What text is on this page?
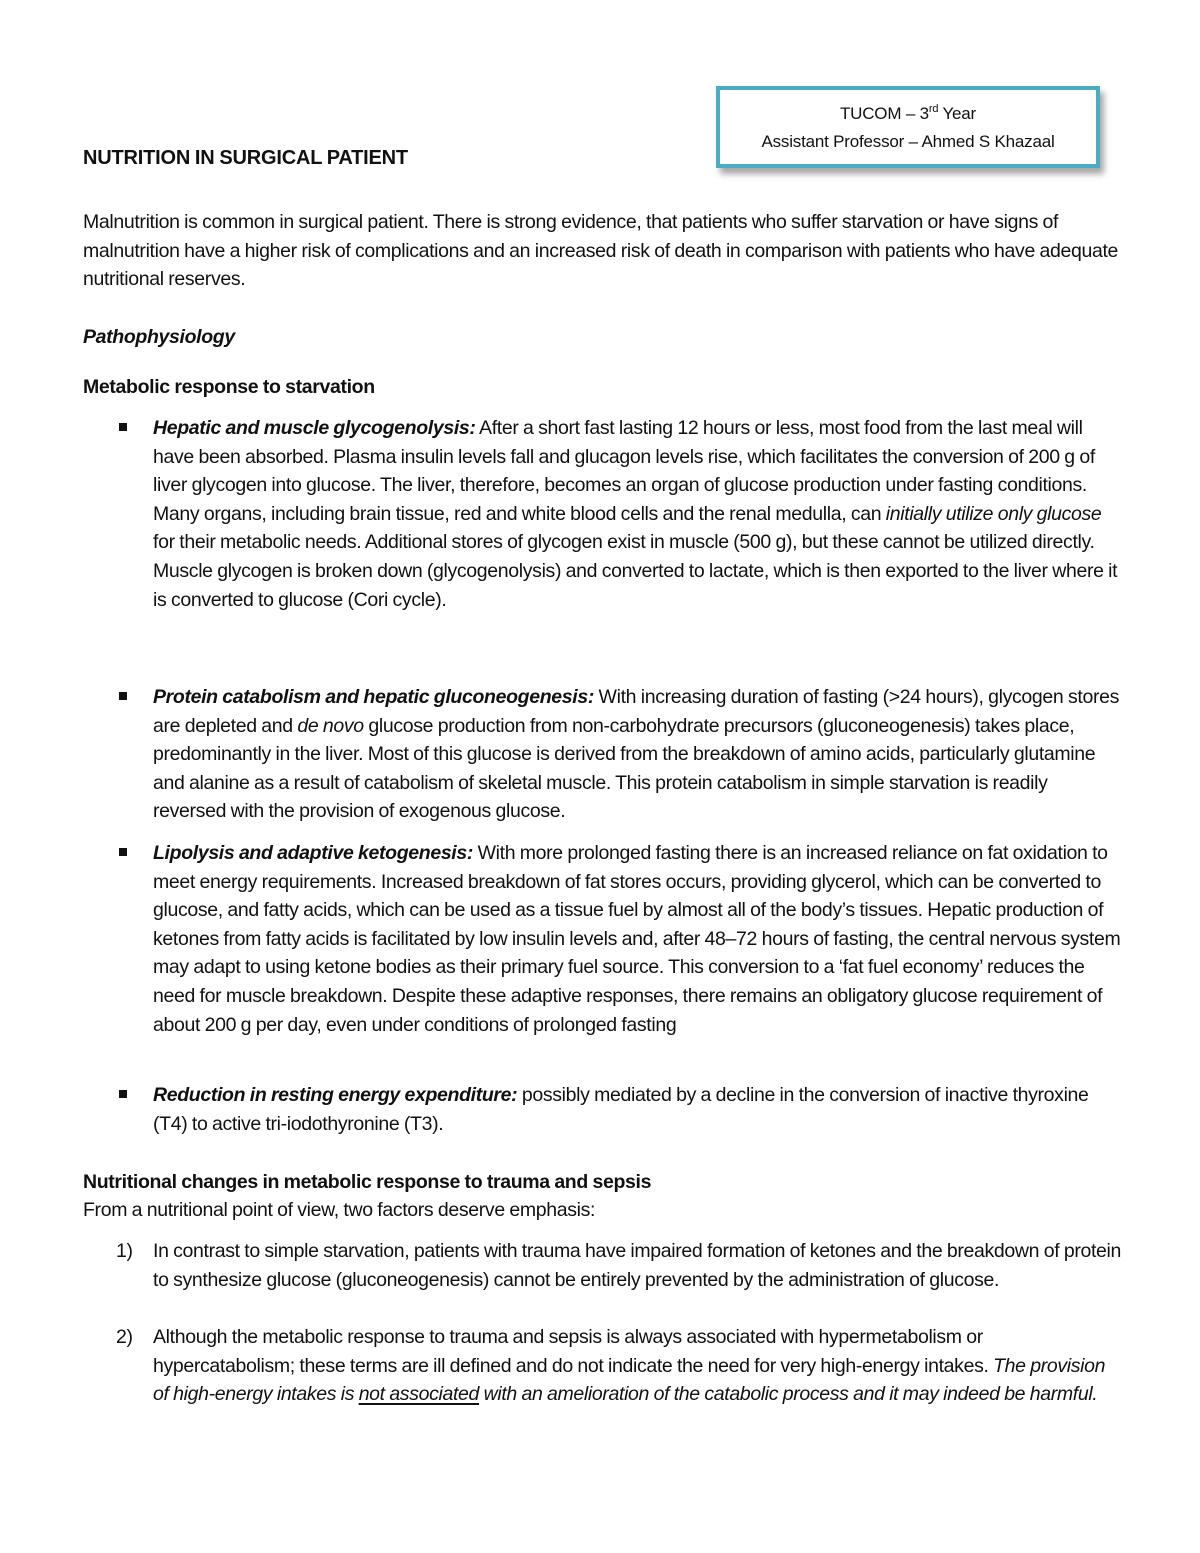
TUCOM – 3rd Year
Assistant Professor – Ahmed S Khazaal
NUTRITION IN SURGICAL PATIENT
Malnutrition is common in surgical patient. There is strong evidence, that patients who suffer starvation or have signs of malnutrition have a higher risk of complications and an increased risk of death in comparison with patients who have adequate nutritional reserves.
Pathophysiology
Metabolic response to starvation
Hepatic and muscle glycogenolysis: After a short fast lasting 12 hours or less, most food from the last meal will have been absorbed. Plasma insulin levels fall and glucagon levels rise, which facilitates the conversion of 200 g of liver glycogen into glucose. The liver, therefore, becomes an organ of glucose production under fasting conditions. Many organs, including brain tissue, red and white blood cells and the renal medulla, can initially utilize only glucose for their metabolic needs. Additional stores of glycogen exist in muscle (500 g), but these cannot be utilized directly. Muscle glycogen is broken down (glycogenolysis) and converted to lactate, which is then exported to the liver where it is converted to glucose (Cori cycle).
Protein catabolism and hepatic gluconeogenesis: With increasing duration of fasting (>24 hours), glycogen stores are depleted and de novo glucose production from non-carbohydrate precursors (gluconeogenesis) takes place, predominantly in the liver. Most of this glucose is derived from the breakdown of amino acids, particularly glutamine and alanine as a result of catabolism of skeletal muscle. This protein catabolism in simple starvation is readily reversed with the provision of exogenous glucose.
Lipolysis and adaptive ketogenesis: With more prolonged fasting there is an increased reliance on fat oxidation to meet energy requirements. Increased breakdown of fat stores occurs, providing glycerol, which can be converted to glucose, and fatty acids, which can be used as a tissue fuel by almost all of the body’s tissues. Hepatic production of ketones from fatty acids is facilitated by low insulin levels and, after 48–72 hours of fasting, the central nervous system may adapt to using ketone bodies as their primary fuel source. This conversion to a ‘fat fuel economy’ reduces the need for muscle breakdown. Despite these adaptive responses, there remains an obligatory glucose requirement of about 200 g per day, even under conditions of prolonged fasting
Reduction in resting energy expenditure: possibly mediated by a decline in the conversion of inactive thyroxine (T4) to active tri-iodothyronine (T3).
Nutritional changes in metabolic response to trauma and sepsis
From a nutritional point of view, two factors deserve emphasis:
1) In contrast to simple starvation, patients with trauma have impaired formation of ketones and the breakdown of protein to synthesize glucose (gluconeogenesis) cannot be entirely prevented by the administration of glucose.
2) Although the metabolic response to trauma and sepsis is always associated with hypermetabolism or hypercatabolism; these terms are ill defined and do not indicate the need for very high-energy intakes. The provision of high-energy intakes is not associated with an amelioration of the catabolic process and it may indeed be harmful.
